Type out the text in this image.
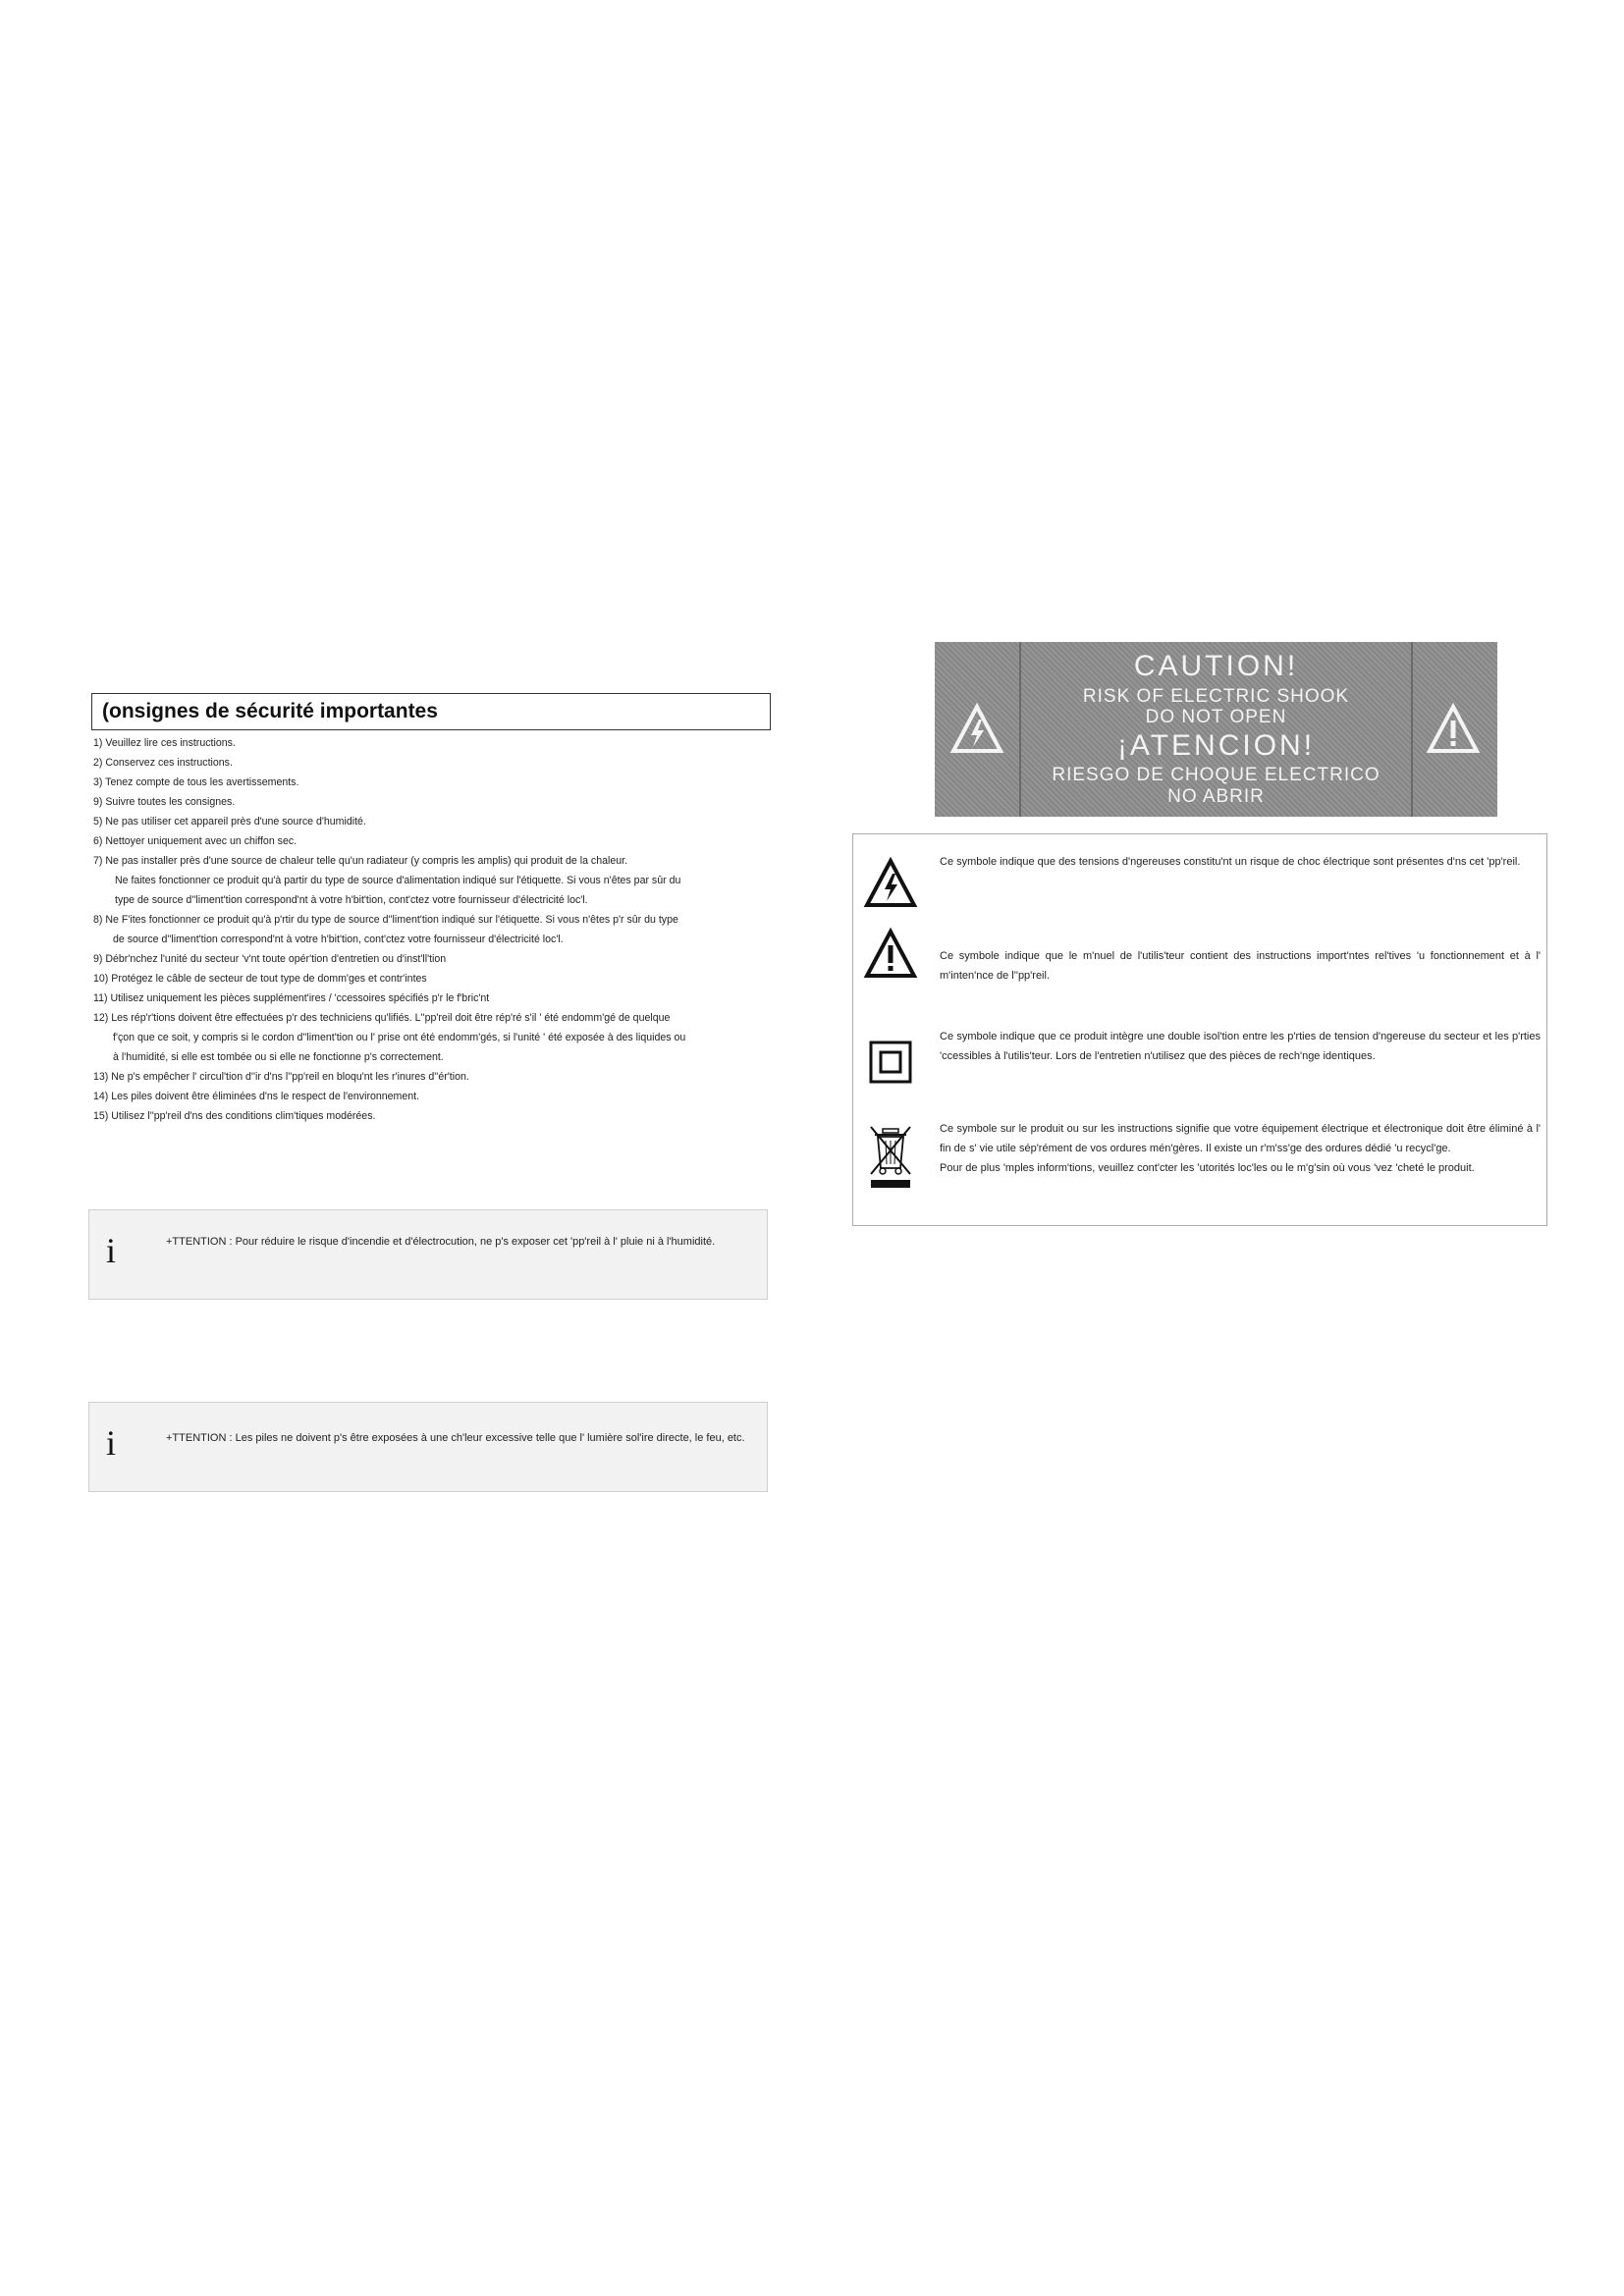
(onsignes de sécurité importantes
1) Veuillez lire ces instructions.
2) Conservez ces instructions.
3) Tenez compte de tous les avertissements.
9) Suivre toutes les consignes.
5) Ne pas utiliser cet appareil près d'une source d'humidité.
6) Nettoyer uniquement avec un chiffon sec.
7) Ne pas installer près d'une source de chaleur telle qu'un radiateur (y compris les amplis) qui produit de la chaleur.
Ne faites fonctionner ce produit qu'à partir du type de source d'alimentation indiqué sur l'étiquette. Si vous n'êtes par sûr du
type de source d''liment'tion correspond'nt à votre h'bit'tion, cont'ctez votre fournisseur d'électricité loc'l.
8) Ne F'ites fonctionner ce produit qu'à p'rtir du type de source d''liment'tion indiqué sur l'étiquette. Si vous n'êtes p'r sûr du type
de source d''liment'tion correspond'nt à votre h'bit'tion, cont'ctez votre fournisseur d'électricité loc'l.
9) Débr'nchez l'unité du secteur 'v'nt toute opér'tion d'entretien ou d'inst'll'tion
10) Protégez le câble de secteur de tout type de domm'ges et contr'intes
11) Utilisez uniquement les pièces supplément'ires / 'ccessoires spécifiés p'r le f'bric'nt
12) Les rép'r'tions doivent être effectuées p'r des techniciens qu'lifiés. L''pp'reil doit être rép'ré s'il ' été endomm'gé de quelque
f'çon que ce soit, y compris si le cordon d''liment'tion ou l' prise ont été endomm'gés, si l'unité ' été exposée à des liquides ou
à l'humidité, si elle est tombée ou si elle ne fonctionne p's correctement.
13) Ne p's empêcher l' circul'tion d''ir d'ns l''pp'reil en bloqu'nt les r'inures d''ér'tion.
14) Les piles doivent être éliminées d'ns le respect de l'environnement.
15) Utilisez l''pp'reil d'ns des conditions clim'tiques modérées.
i	+TTENTION : Pour réduire le risque d'incendie et d'électrocution, ne p's exposer cet 'pp'reil à l' pluie ni à l'humidité.
i	+TTENTION : Les piles ne doivent p's être exposées à une ch'leur excessive telle que l' lumière sol'ire directe, le feu, etc.
CAUTION!
RISK OF ELECTRIC SHOOK
DO NOT OPEN
¡ATENCION!
RIESGO DE CHOQUE ELECTRICO
NO ABRIR
Ce symbole indique que des tensions d'ngereuses constitu'nt un risque de choc électrique sont présentes d'ns cet 'pp'reil.
Ce symbole indique que le m'nuel de l'utilis'teur contient des instructions import'ntes rel'tives 'u fonctionnement et à l' m'inten'nce de l''pp'reil.
Ce symbole indique que ce produit intègre une double isol'tion entre les p'rties de tension d'ngereuse du secteur et les p'rties 'ccessibles à l'utilis'teur. Lors de l'entretien n'utilisez que des pièces de rech'nge identiques.
Ce symbole sur le produit ou sur les instructions signifie que votre équipement électrique et électronique doit être éliminé à l' fin de s' vie utile sép'rément de vos ordures mén'gères. Il existe un r'm'ss'ge des ordures dédié 'u recycl'ge.
Pour de plus 'mples inform'tions, veuillez cont'cter les 'utorités loc'les ou le m'g'sin où vous 'vez 'cheté le produit.
